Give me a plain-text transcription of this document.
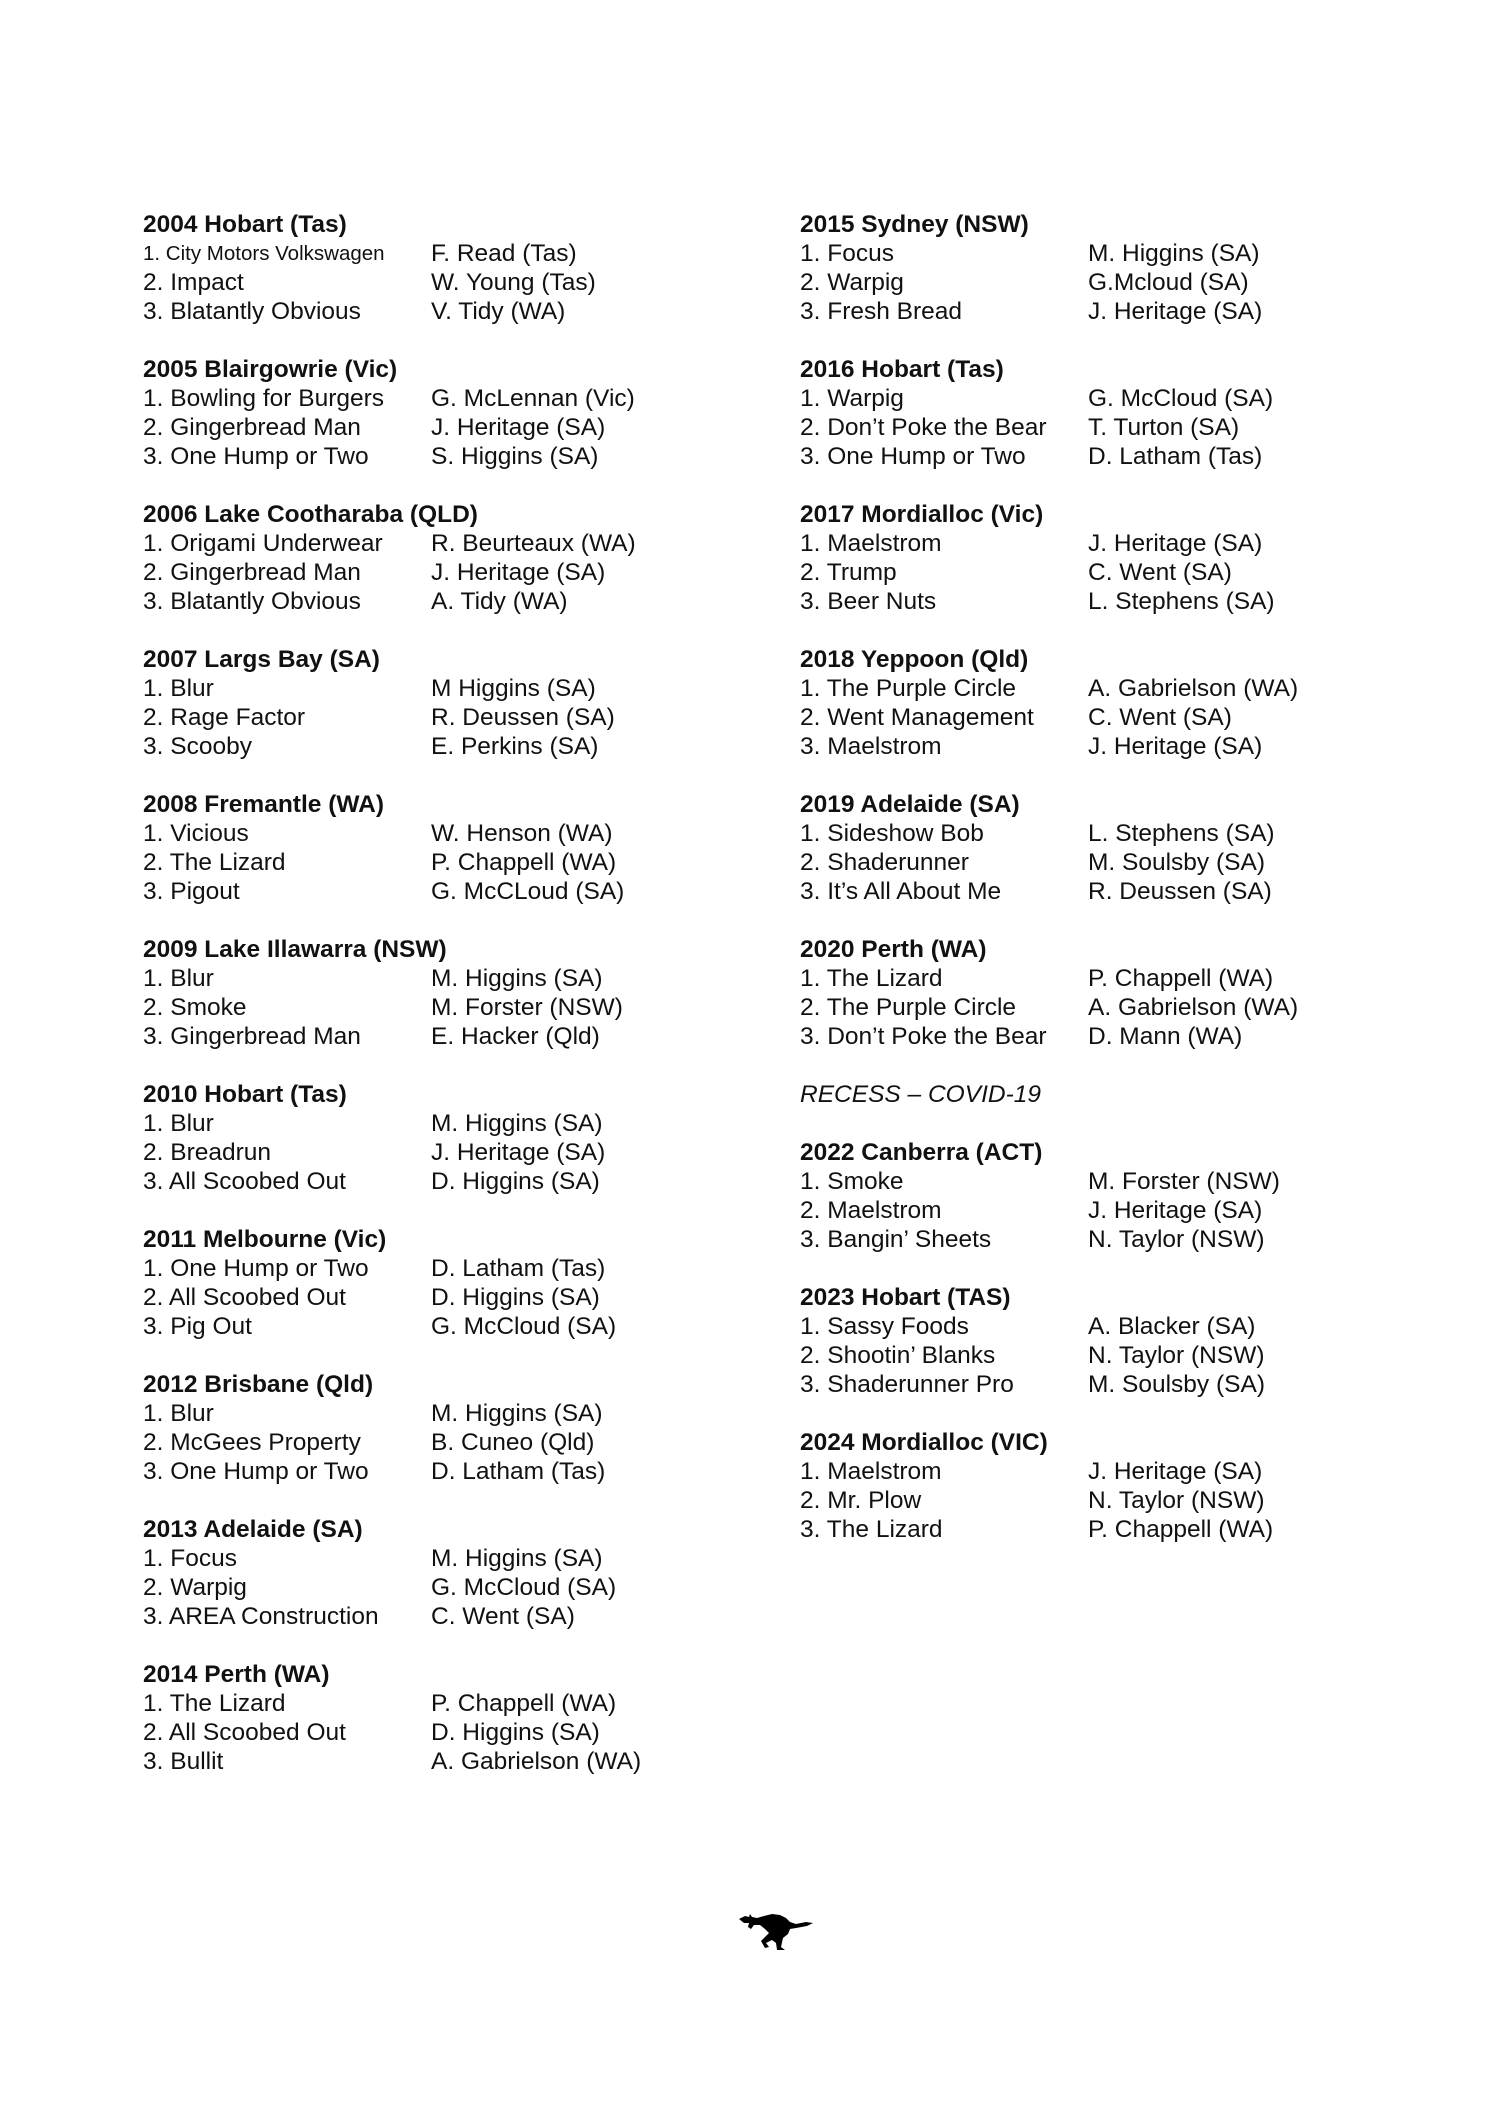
2004 Hobart (Tas)
1. City Motors Volkswagen F. Read (Tas)
2. Impact	W. Young (Tas)
3. Blatantly Obvious	V. Tidy (WA)
2005 Blairgowrie (Vic)
1. Bowling for Burgers G. McLennan (Vic)
2. Gingerbread Man	J. Heritage (SA)
3. One Hump or Two	S. Higgins (SA)
2006 Lake Cootharaba (QLD)
1. Origami Underwear R. Beurteaux (WA)
2. Gingerbread Man	J. Heritage (SA)
3. Blatantly Obvious	A. Tidy (WA)
2007 Largs Bay (SA)
1. Blur	M Higgins (SA)
2. Rage Factor	R. Deussen (SA)
3. Scooby	E. Perkins (SA)
2008 Fremantle (WA)
1. Vicious	W. Henson (WA)
2. The Lizard	P. Chappell (WA)
3. Pigout	G. McCLoud (SA)
2009 Lake Illawarra (NSW)
1. Blur	M. Higgins (SA)
2. Smoke	M. Forster (NSW)
3. Gingerbread Man	E. Hacker (Qld)
2010 Hobart (Tas)
1. Blur	M. Higgins (SA)
2. Breadrun	J. Heritage (SA)
3. All Scoobed Out	D. Higgins (SA)
2011 Melbourne (Vic)
1. One Hump or Two	D. Latham (Tas)
2. All Scoobed Out	D. Higgins (SA)
3. Pig Out	G. McCloud (SA)
2012 Brisbane (Qld)
1. Blur	M. Higgins (SA)
2. McGees Property	B. Cuneo (Qld)
3. One Hump or Two	D. Latham (Tas)
2013 Adelaide (SA)
1. Focus	M. Higgins (SA)
2. Warpig	G. McCloud (SA)
3. AREA Construction C. Went (SA)
2014 Perth (WA)
1. The Lizard	P. Chappell (WA)
2. All Scoobed Out	D. Higgins (SA)
3. Bullit	A. Gabrielson (WA)
2015 Sydney (NSW)
1. Focus	M. Higgins (SA)
2. Warpig	G.Mcloud (SA)
3. Fresh Bread	J. Heritage (SA)
2016 Hobart (Tas)
1. Warpig	G. McCloud (SA)
2. Don’t Poke the Bear T. Turton (SA)
3. One Hump or Two	D. Latham (Tas)
2017 Mordialloc (Vic)
1. Maelstrom	J. Heritage (SA)
2. Trump	C. Went (SA)
3. Beer Nuts	L. Stephens (SA)
2018 Yeppoon (Qld)
1. The Purple Circle	A. Gabrielson (WA)
2. Went Management C. Went (SA)
3. Maelstrom	J. Heritage (SA)
2019 Adelaide (SA)
1. Sideshow Bob	L. Stephens (SA)
2. Shaderunner	M. Soulsby (SA)
3. It’s All About Me	R. Deussen (SA)
2020 Perth (WA)
1. The Lizard	P. Chappell (WA)
2. The Purple Circle	A. Gabrielson (WA)
3. Don’t Poke the Bear D. Mann (WA)
RECESS – COVID-19
2022 Canberra (ACT)
1. Smoke	M. Forster (NSW)
2. Maelstrom	J. Heritage (SA)
3. Bangin’ Sheets	N. Taylor (NSW)
2023 Hobart (TAS)
1. Sassy Foods	A. Blacker (SA)
2. Shootin’ Blanks	N. Taylor (NSW)
3. Shaderunner Pro	M. Soulsby (SA)
2024 Mordialloc (VIC)
1. Maelstrom	J. Heritage (SA)
2. Mr. Plow	N. Taylor (NSW)
3. The Lizard	P. Chappell (WA)
